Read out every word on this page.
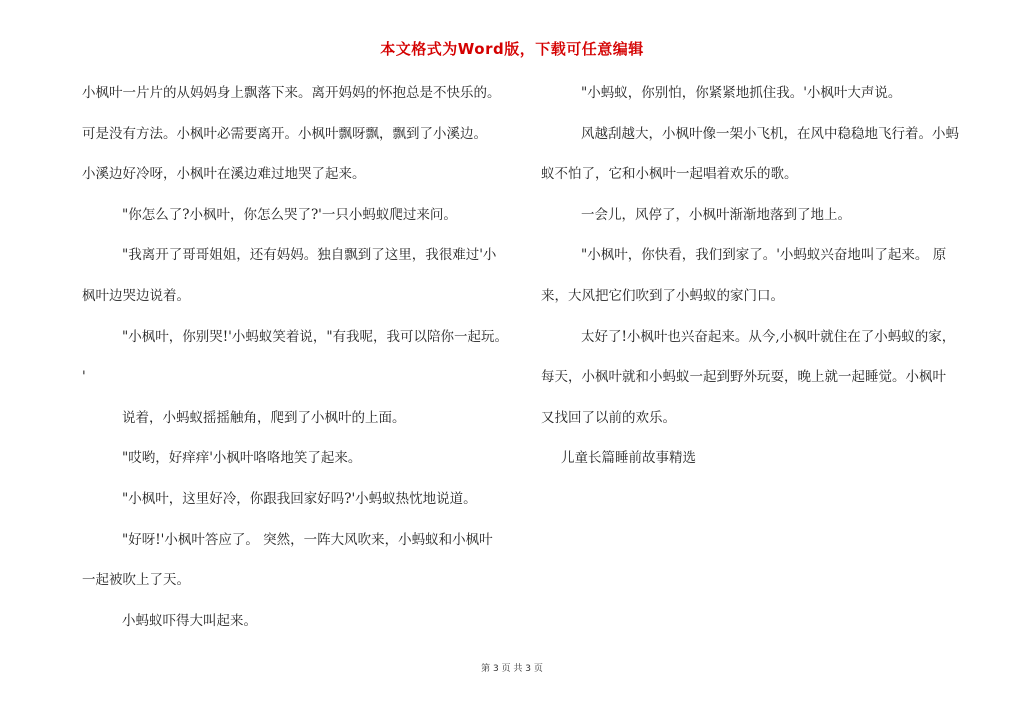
本文格式为Word版，下载可任意编辑
小枫叶一片片的从妈妈身上飘落下来。离开妈妈的怀抱总是不快乐的。
可是没有方法。小枫叶必需要离开。小枫叶飘呀飘，飘到了小溪边。
小溪边好冷呀，小枫叶在溪边难过地哭了起来。
"你怎么了?小枫叶，你怎么哭了?'一只小蚂蚁爬过来问。
"我离开了哥哥姐姐，还有妈妈。独自飘到了这里，我很难过'小
枫叶边哭边说着。
"小枫叶，你别哭!'小蚂蚁笑着说，"有我呢，我可以陪你一起玩。
'
说着，小蚂蚁摇摇触角，爬到了小枫叶的上面。
"哎哟，好痒痒'小枫叶咯咯地笑了起来。
"小枫叶，这里好冷，你跟我回家好吗?'小蚂蚁热忱地说道。
"好呀!'小枫叶答应了。 突然，一阵大风吹来，小蚂蚁和小枫叶
一起被吹上了天。
小蚂蚁吓得大叫起来。
"小蚂蚁，你别怕，你紧紧地抓住我。'小枫叶大声说。
风越刮越大，小枫叶像一架小飞机，在风中稳稳地飞行着。小蚂
蚁不怕了，它和小枫叶一起唱着欢乐的歌。
一会儿，风停了，小枫叶渐渐地落到了地上。
"小枫叶，你快看，我们到家了。'小蚂蚁兴奋地叫了起来。 原
来，大风把它们吹到了小蚂蚁的家门口。
太好了!小枫叶也兴奋起来。从今,小枫叶就住在了小蚂蚁的家，
每天，小枫叶就和小蚂蚁一起到野外玩耍，晚上就一起睡觉。小枫叶
又找回了以前的欢乐。
儿童长篇睡前故事精选
第 3 页 共 3 页
